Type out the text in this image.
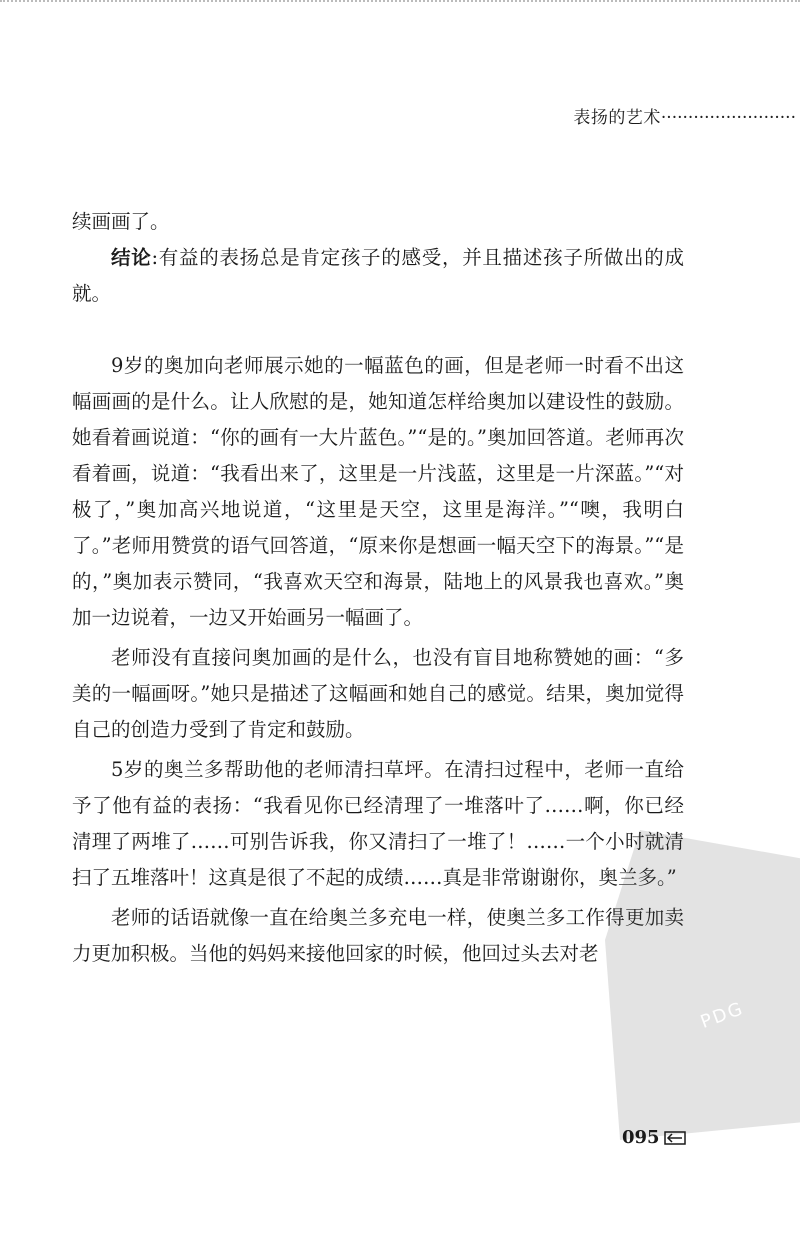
表扬的艺术·························

续画画了。

结论:有益的表扬总是肯定孩子的感受，并且描述孩子所做出的成就。

9岁的奥加向老师展示她的一幅蓝色的画，但是老师一时看不出这幅画画的是什么。让人欣慰的是，她知道怎样给奥加以建设性的鼓励。她看着画说道：“你的画有一大片蓝色。”“是的。”奥加回答道。老师再次看着画，说道：“我看出来了，这里是一片浅蓝，这里是一片深蓝。”“对极了，”奥加高兴地说道，“这里是天空，这里是海洋。”“噢，我明白了。”老师用赞赏的语气回答道，“原来你是想画一幅天空下的海景。”“是的，”奥加表示赞同，“我喜欢天空和海景，陆地上的风景我也喜欢。”奥加一边说着，一边又开始画另一幅画了。

老师没有直接问奥加画的是什么，也没有盲目地称赞她的画：“多美的一幅画呀。”她只是描述了这幅画和她自己的感觉。结果，奥加觉得自己的创造力受到了肯定和鼓励。

5岁的奥兰多帮助他的老师清扫草坪。在清扫过程中，老师一直给予了他有益的表扬：“我看见你已经清理了一堆落叶了……啊，你已经清理了两堆了……可别告诉我，你又清扫了一堆了！……一个小时就清扫了五堆落叶！这真是很了不起的成绩……真是非常谢谢你，奥兰多。”

老师的话语就像一直在给奥兰多充电一样，使奥兰多工作得更加卖力更加积极。当他的妈妈来接他回家的时候，他回过头去对老

PDG
095
